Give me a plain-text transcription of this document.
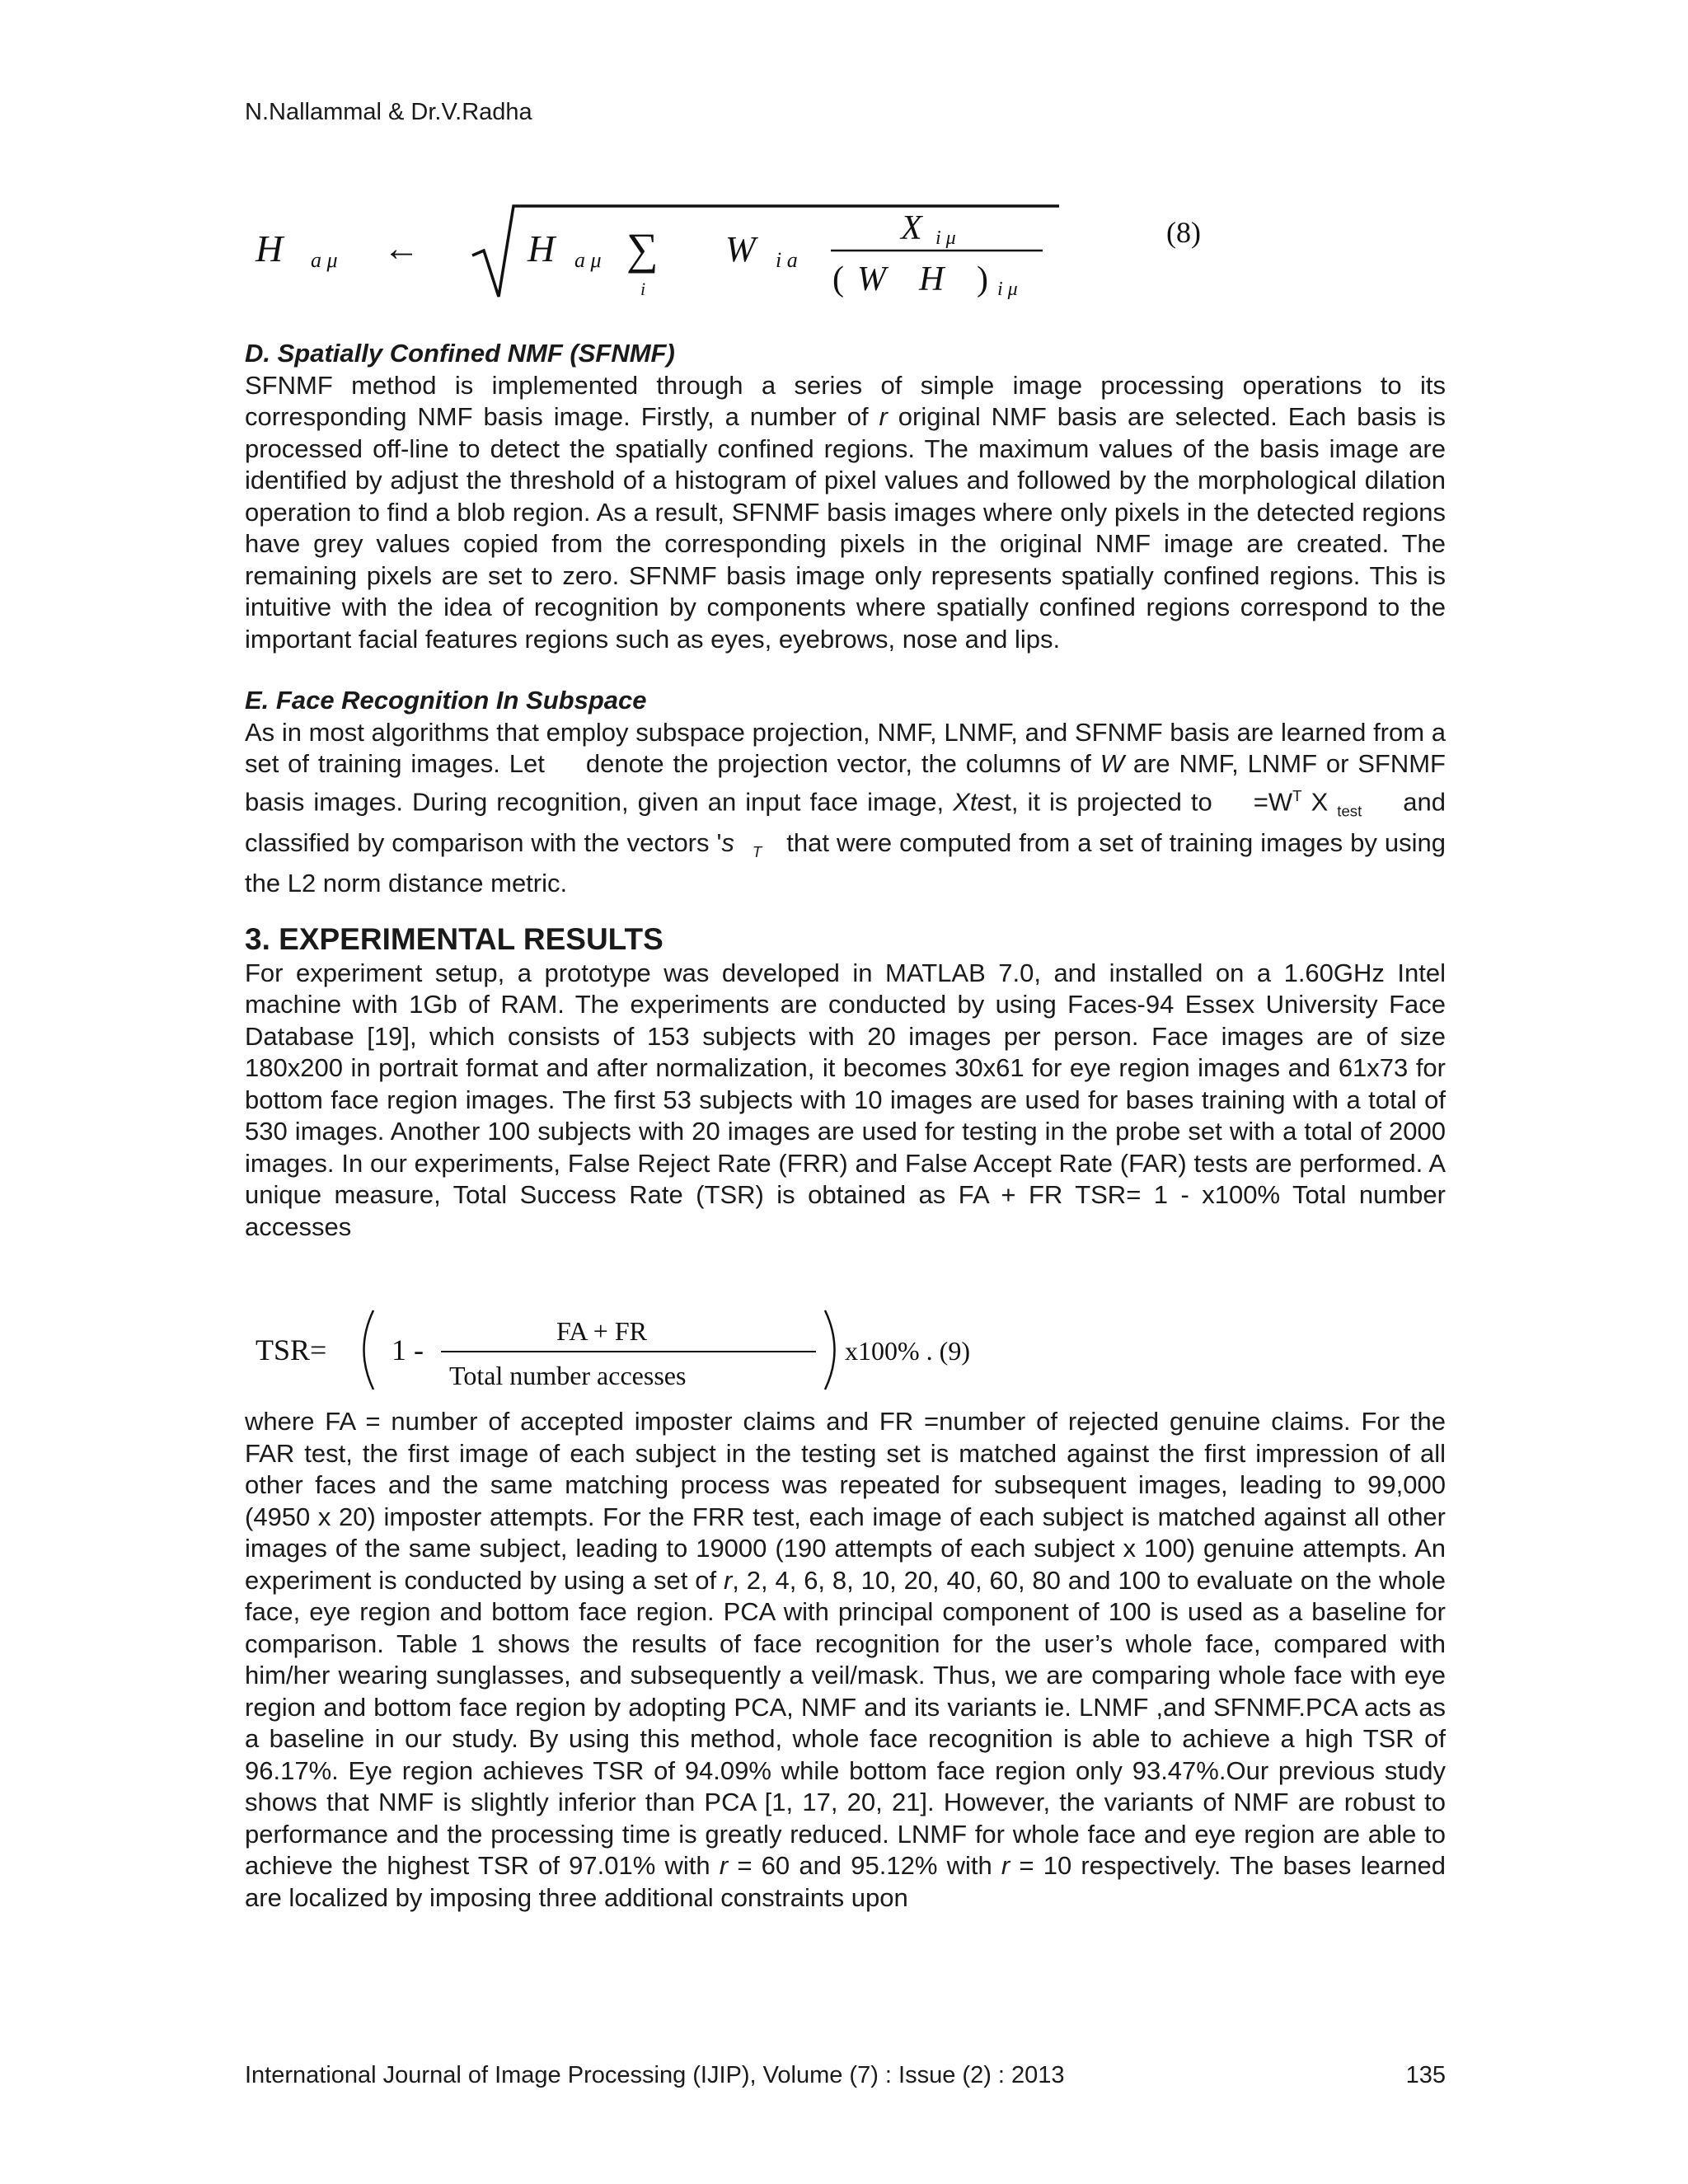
N.Nallammal & Dr.V.Radha
H a μ ←	H a μ ∑
i
W i a
X i μ
( W H ) i μ
(8)
D. Spatially Confined NMF (SFNMF)

SFNMF method is implemented through a series of simple image processing operations to its corresponding NMF basis image. Firstly, a number of r original NMF basis are selected. Each basis is processed off-line to detect the spatially confined regions. The maximum values of the basis image are identified by adjust the threshold of a histogram of pixel values and followed by the morphological dilation operation to find a blob region. As a result, SFNMF basis images where only pixels in the detected regions have grey values copied from the corresponding pixels in the original NMF image are created. The remaining pixels are set to zero. SFNMF basis image only represents spatially confined regions. This is intuitive with the idea of recognition by components where spatially confined regions correspond to the important facial features regions such as eyes, eyebrows, nose and lips.

E. Face Recognition In Subspace

As in most algorithms that employ subspace projection, NMF, LNMF, and SFNMF basis are learned from a set of training images. Let denote the projection vector, the columns of W are NMF, LNMF or SFNMF basis images. During recognition, given an input face image, Xtest, it is projected to $=W^T$ X $_{test}$ and classified by comparison with the vectors 's $_T$ that were computed from a set of training images by using the L2 norm distance metric.

3. EXPERIMENTAL RESULTS

For experiment setup, a prototype was developed in MATLAB 7.0, and installed on a 1.60GHz Intel machine with 1Gb of RAM. The experiments are conducted by using Faces-94 Essex University Face Database [19], which consists of 153 subjects with 20 images per person. Face images are of size 180x200 in portrait format and after normalization, it becomes 30x61 for eye region images and 61x73 for bottom face region images. The first 53 subjects with 10 images are used for bases training with a total of 530 images. Another 100 subjects with 20 images are used for testing in the probe set with a total of 2000 images. In our experiments, False Reject Rate (FRR) and False Accept Rate (FAR) tests are performed. A unique measure, Total Success Rate (TSR) is obtained as FA + FR TSR= 1 - x100% Total number accesses

where FA = number of accepted imposter claims and FR =number of rejected genuine claims. For the FAR test, the first image of each subject in the testing set is matched against the first impression of all other faces and the same matching process was repeated for subsequent images, leading to 99,000 (4950 x 20) imposter attempts. For the FRR test, each image of each subject is matched against all other images of the same subject, leading to 19000 (190 attempts of each subject x 100) genuine attempts. An experiment is conducted by using a set of r, 2, 4, 6, 8, 10, 20, 40, 60, 80 and 100 to evaluate on the whole face, eye region and bottom face region. PCA with principal component of 100 is used as a baseline for comparison. Table 1 shows the results of face recognition for the user’s whole face, compared with him/her wearing sunglasses, and subsequently a veil/mask. Thus, we are comparing whole face with eye region and bottom face region by adopting PCA, NMF and its variants ie. LNMF ,and SFNMF.PCA acts as a baseline in our study. By using this method, whole face recognition is able to achieve a high TSR of 96.17%. Eye region achieves TSR of 94.09% while bottom face region only 93.47%.Our previous study shows that NMF is slightly inferior than PCA [1, 17, 20, 21]. However, the variants of NMF are robust to performance and the processing time is greatly reduced. LNMF for whole face and eye region are able to achieve the highest TSR of 97.01% with r = 60 and 95.12% with r = 10 respectively. The bases learned are localized by imposing three additional constraints upon

TSR= 1 -
FA + FR
Total number accesses
x100% . (9)
International Journal of Image Processing (IJIP), Volume (7) : Issue (2) : 2013	135
